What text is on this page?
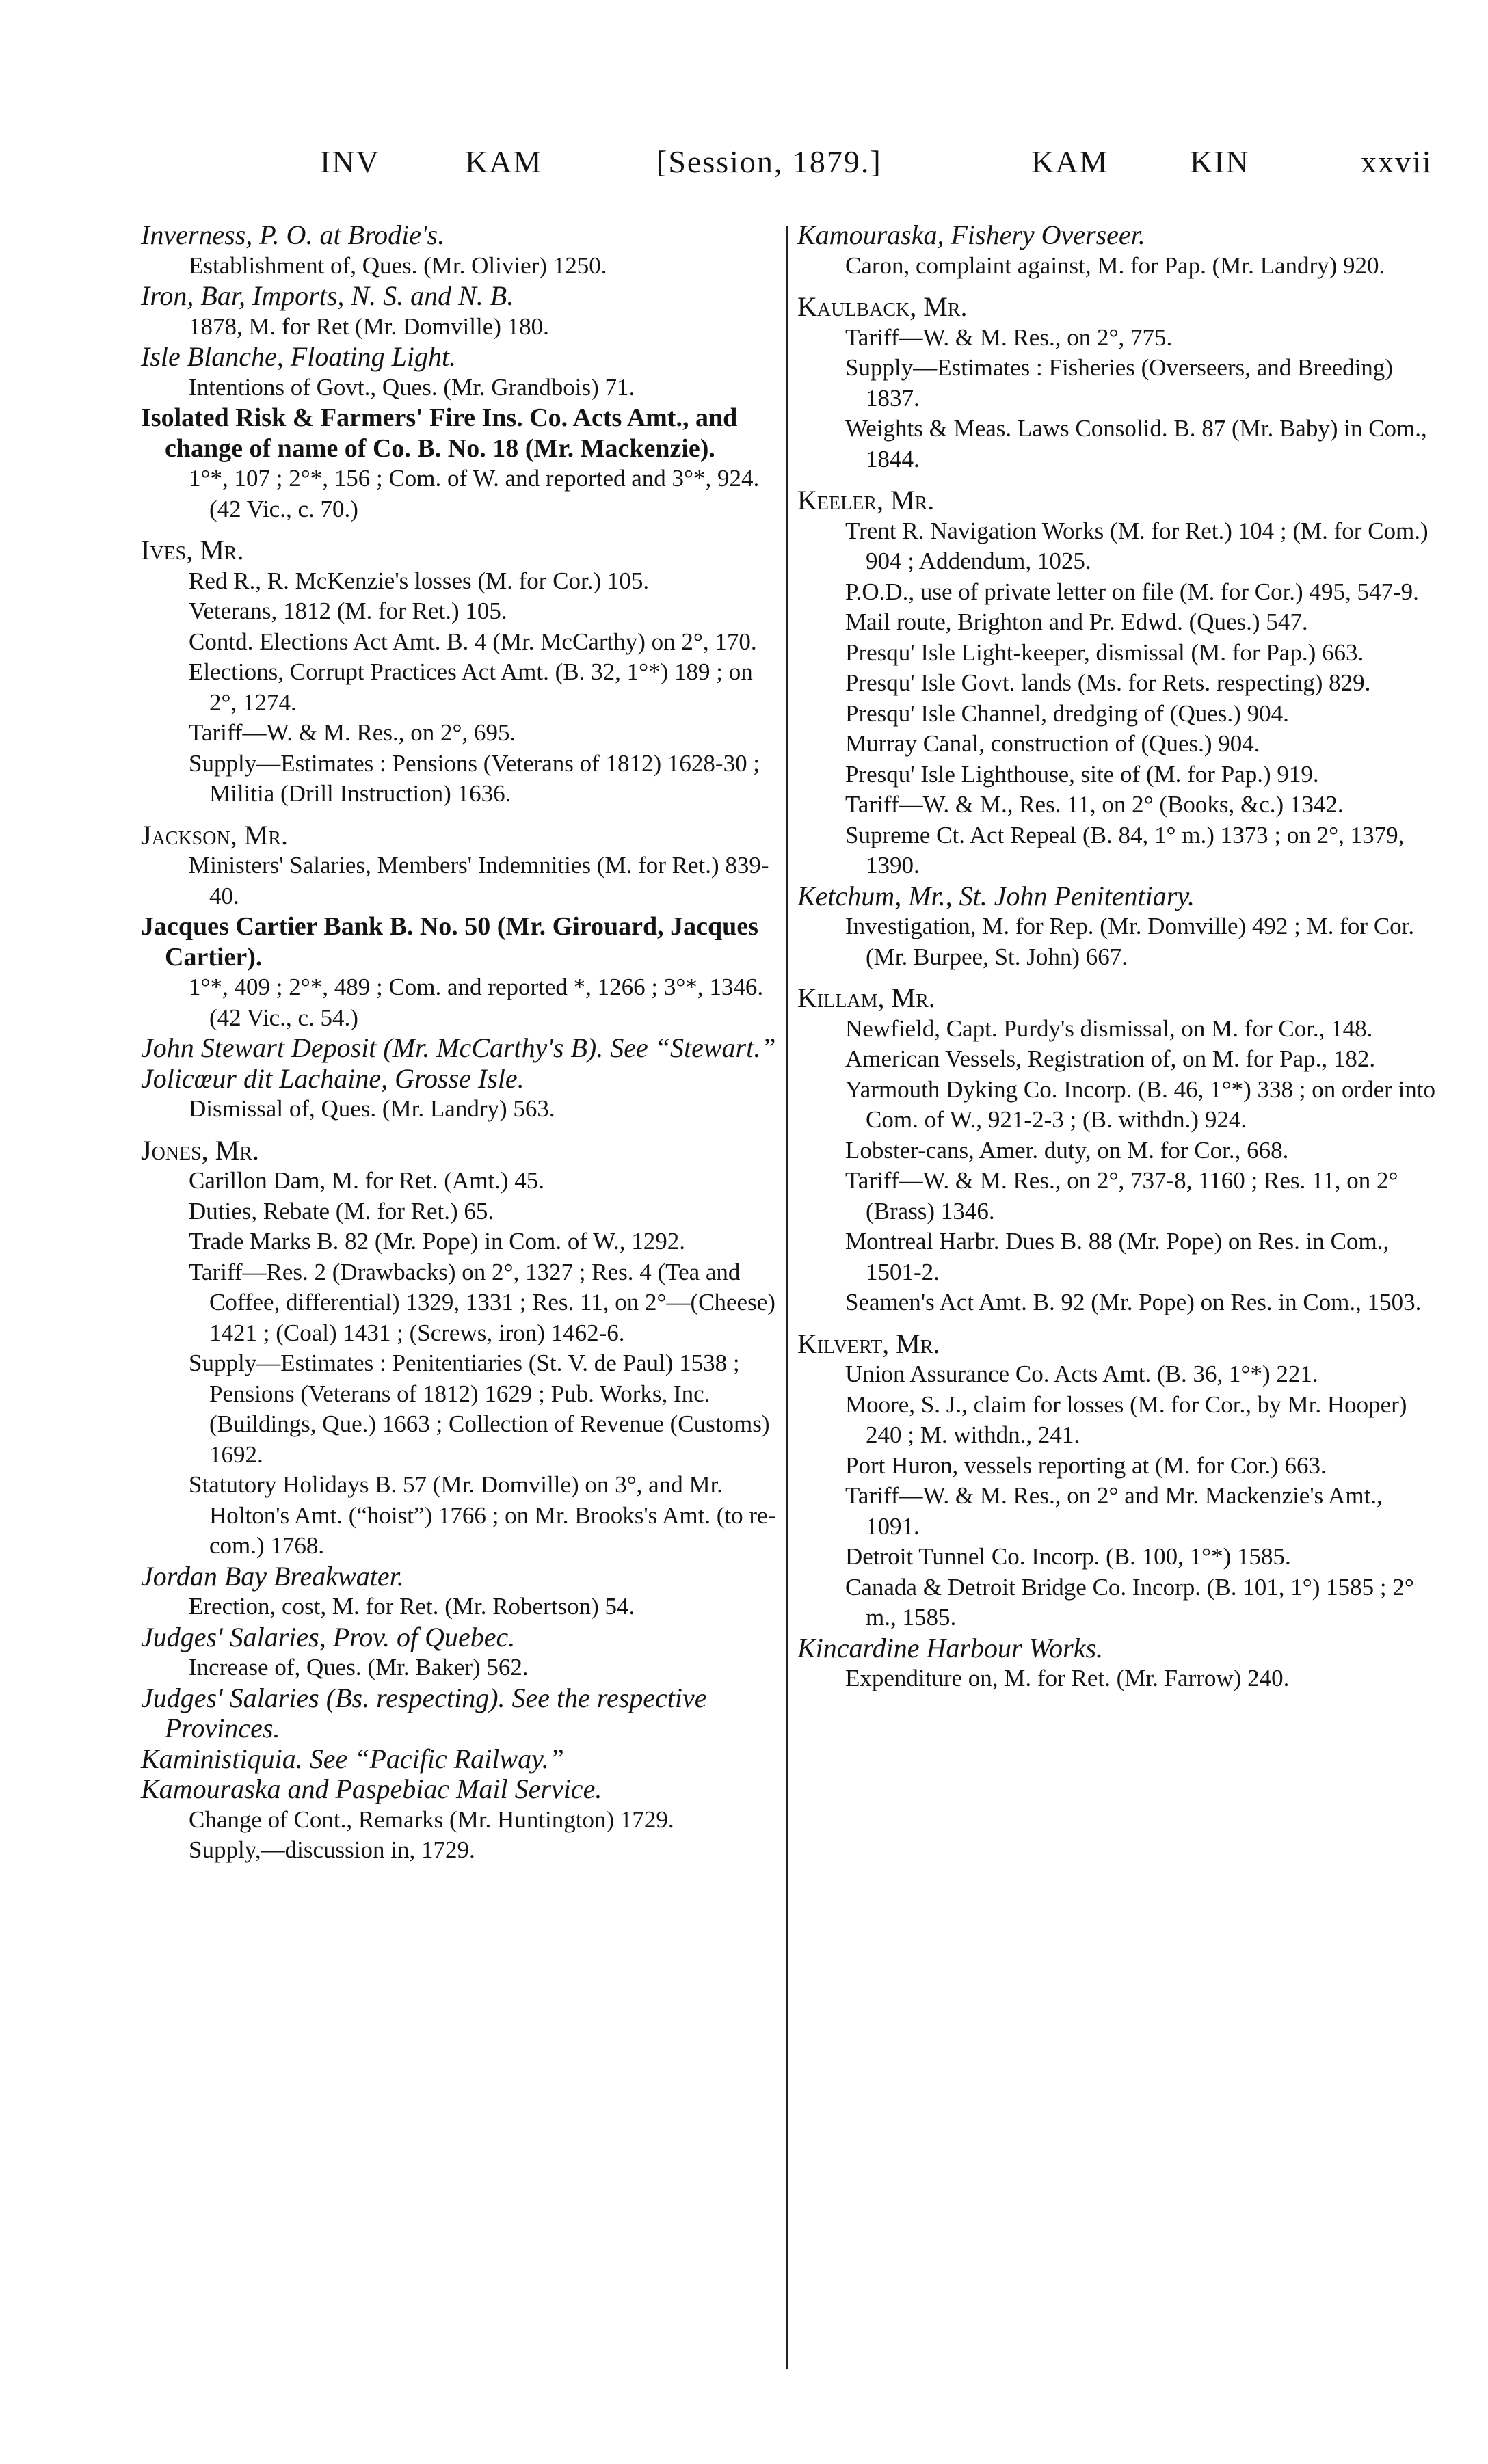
INV	KAM	[Session, 1879.]	KAM	KIN	xxvii
Inverness, P. O. at Brodie's.
Establishment of, Ques. (Mr. Olivier) 1250.
Iron, Bar, Imports, N. S. and N. B.
1878, M. for Ret (Mr. Domville) 180.
Isle Blanche, Floating Light.
Intentions of Govt., Ques. (Mr. Grandbois) 71.
Isolated Risk & Farmers' Fire Ins. Co. Acts Amt., and change of name of Co. B. No. 18 (Mr. Mackenzie).
1°*, 107 ; 2°*, 156 ; Com. of W. and reported and 3°*, 924. (42 Vic., c. 70.)
Ives, Mr.
Red R., R. McKenzie's losses (M. for Cor.) 105.
Veterans, 1812 (M. for Ret.) 105.
Contd. Elections Act Amt. B. 4 (Mr. McCarthy) on 2°, 170.
Elections, Corrupt Practices Act Amt. (B. 32, 1°*) 189 ; on 2°, 1274.
Tariff—W. & M. Res., on 2°, 695.
Supply—Estimates : Pensions (Veterans of 1812) 1628-30 ; Militia (Drill Instruction) 1636.
Jackson, Mr.
Ministers' Salaries, Members' Indemnities (M. for Ret.) 839-40.
Jacques Cartier Bank B. No. 50 (Mr. Girouard, Jacques Cartier).
1°*, 409 ; 2°*, 489 ; Com. and reported *, 1266 ; 3°*, 1346. (42 Vic., c. 54.)
John Stewart Deposit (Mr. McCarthy's B). See “Stewart.”
Jolicœur dit Lachaine, Grosse Isle.
Dismissal of, Ques. (Mr. Landry) 563.
Jones, Mr.
Carillon Dam, M. for Ret. (Amt.) 45.
Duties, Rebate (M. for Ret.) 65.
Trade Marks B. 82 (Mr. Pope) in Com. of W., 1292.
Tariff—Res. 2 (Drawbacks) on 2°, 1327 ; Res. 4 (Tea and Coffee, differential) 1329, 1331 ; Res. 11, on 2°—(Cheese) 1421 ; (Coal) 1431 ; (Screws, iron) 1462-6.
Supply—Estimates : Penitentiaries (St. V. de Paul) 1538 ; Pensions (Veterans of 1812) 1629 ; Pub. Works, Inc. (Buildings, Que.) 1663 ; Collection of Revenue (Customs) 1692.
Statutory Holidays B. 57 (Mr. Domville) on 3°, and Mr. Holton's Amt. (“hoist”) 1766 ; on Mr. Brooks's Amt. (to re-com.) 1768.
Jordan Bay Breakwater.
Erection, cost, M. for Ret. (Mr. Robertson) 54.
Judges' Salaries, Prov. of Quebec.
Increase of, Ques. (Mr. Baker) 562.
Judges' Salaries (Bs. respecting). See the respective Provinces.
Kaministiquia. See “Pacific Railway.”
Kamouraska and Paspebiac Mail Service.
Change of Cont., Remarks (Mr. Huntington) 1729.
Supply,—discussion in, 1729.
Kamouraska, Fishery Overseer.
Caron, complaint against, M. for Pap. (Mr. Landry) 920.
Kaulback, Mr.
Tariff—W. & M. Res., on 2°, 775.
Supply—Estimates : Fisheries (Overseers, and Breeding) 1837.
Weights & Meas. Laws Consolid. B. 87 (Mr. Baby) in Com., 1844.
Keeler, Mr.
Trent R. Navigation Works (M. for Ret.) 104 ; (M. for Com.) 904 ; Addendum, 1025.
P.O.D., use of private letter on file (M. for Cor.) 495, 547-9.
Mail route, Brighton and Pr. Edwd. (Ques.) 547.
Presqu' Isle Light-keeper, dismissal (M. for Pap.) 663.
Presqu' Isle Govt. lands (Ms. for Rets. respecting) 829.
Presqu' Isle Channel, dredging of (Ques.) 904.
Murray Canal, construction of (Ques.) 904.
Presqu' Isle Lighthouse, site of (M. for Pap.) 919.
Tariff—W. & M., Res. 11, on 2° (Books, &c.) 1342.
Supreme Ct. Act Repeal (B. 84, 1° m.) 1373 ; on 2°, 1379, 1390.
Ketchum, Mr., St. John Penitentiary.
Investigation, M. for Rep. (Mr. Domville) 492 ; M. for Cor. (Mr. Burpee, St. John) 667.
Killam, Mr.
Newfield, Capt. Purdy's dismissal, on M. for Cor., 148.
American Vessels, Registration of, on M. for Pap., 182.
Yarmouth Dyking Co. Incorp. (B. 46, 1°*) 338 ; on order into Com. of W., 921-2-3 ; (B. withdn.) 924.
Lobster-cans, Amer. duty, on M. for Cor., 668.
Tariff—W. & M. Res., on 2°, 737-8, 1160 ; Res. 11, on 2° (Brass) 1346.
Montreal Harbr. Dues B. 88 (Mr. Pope) on Res. in Com., 1501-2.
Seamen's Act Amt. B. 92 (Mr. Pope) on Res. in Com., 1503.
Kilvert, Mr.
Union Assurance Co. Acts Amt. (B. 36, 1°*) 221.
Moore, S. J., claim for losses (M. for Cor., by Mr. Hooper) 240 ; M. withdn., 241.
Port Huron, vessels reporting at (M. for Cor.) 663.
Tariff—W. & M. Res., on 2° and Mr. Mackenzie's Amt., 1091.
Detroit Tunnel Co. Incorp. (B. 100, 1°*) 1585.
Canada & Detroit Bridge Co. Incorp. (B. 101, 1°) 1585 ; 2° m., 1585.
Kincardine Harbour Works.
Expenditure on, M. for Ret. (Mr. Farrow) 240.
